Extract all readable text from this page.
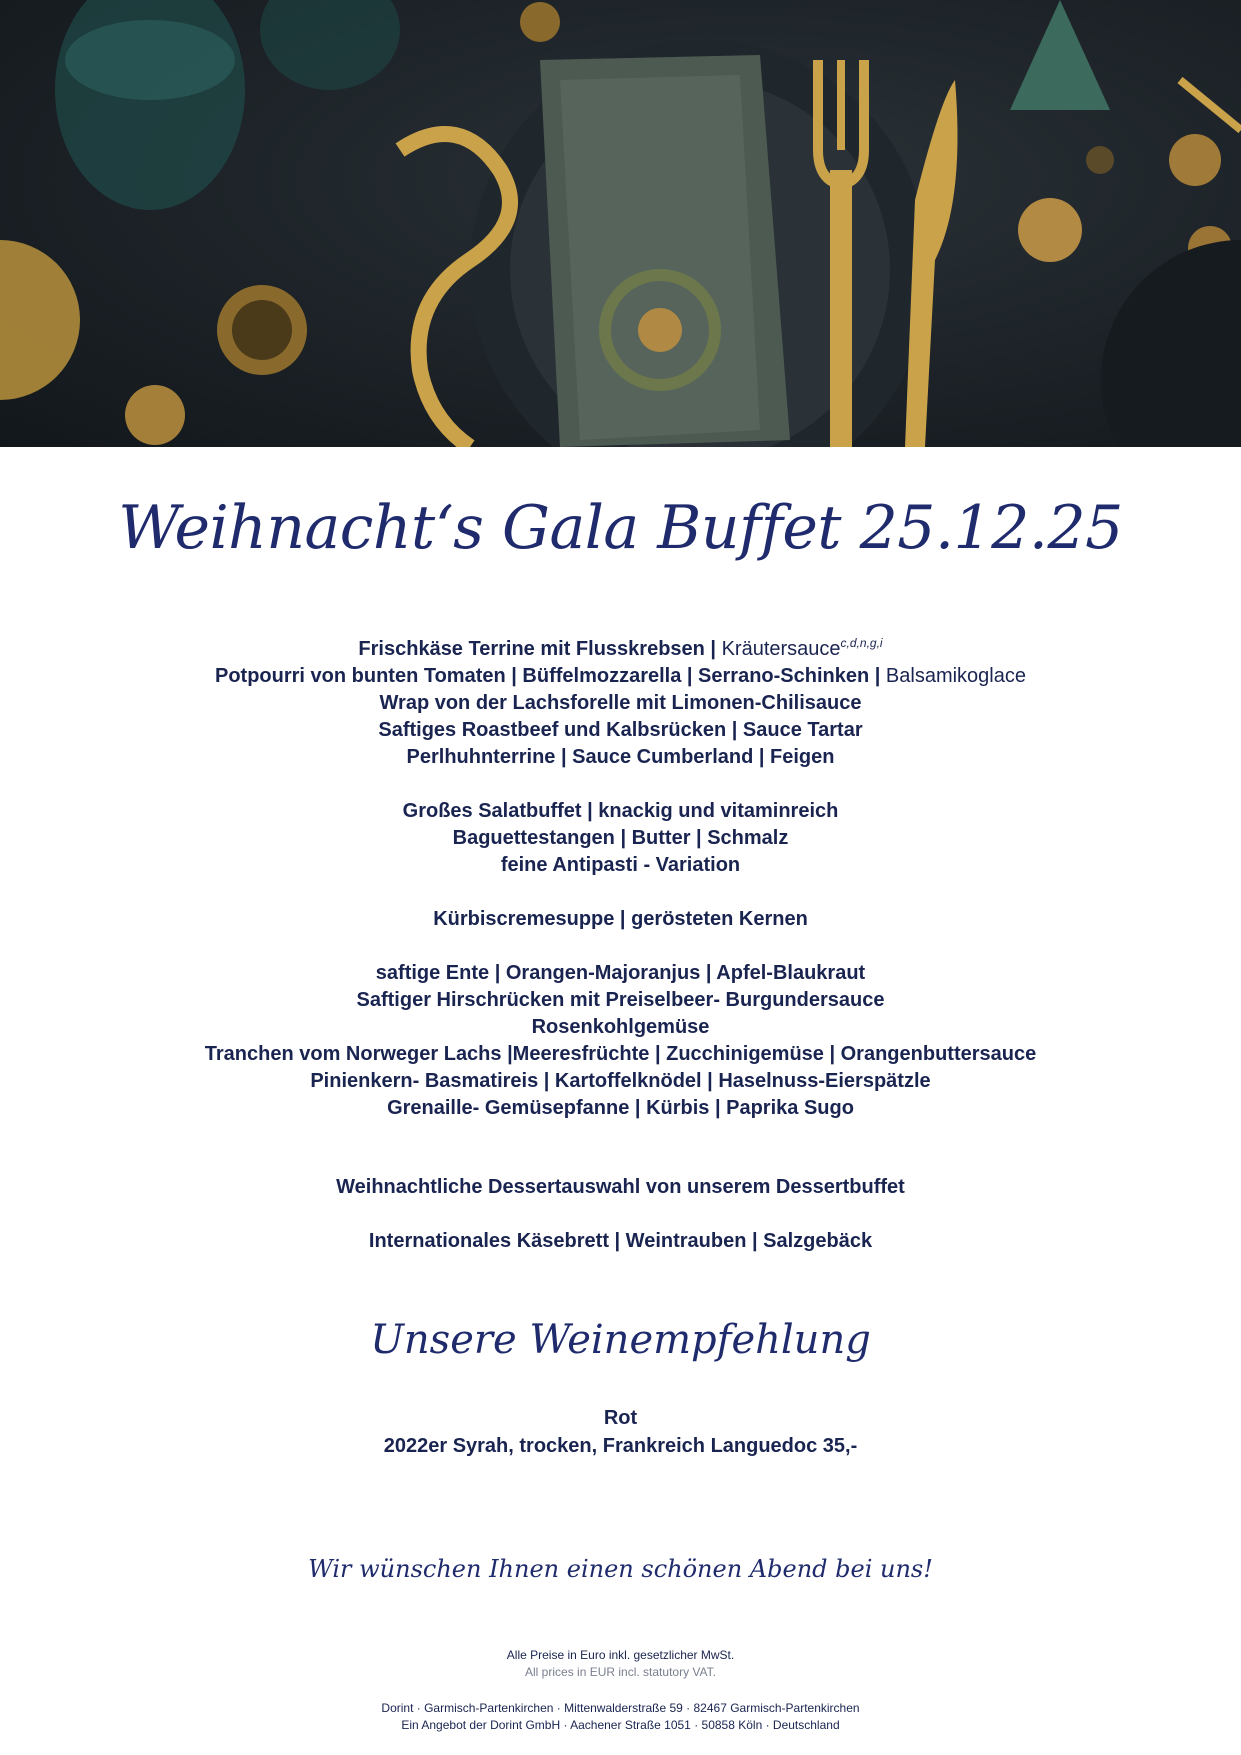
Weihnacht‘s Gala Buffet 25.12.25
Frischkäse Terrine mit Flusskrebsen | Kräutersauce$^{c,d,n,g,i}$
Potpourri von bunten Tomaten | Büffelmozzarella | Serrano-Schinken | Balsamikoglace
Wrap von der Lachsforelle mit Limonen-Chilisauce
Saftiges Roastbeef und Kalbsrücken | Sauce Tartar
Perlhuhnterrine | Sauce Cumberland | Feigen
Großes Salatbuffet | knackig und vitaminreich
Baguettestangen | Butter | Schmalz
feine Antipasti - Variation
Kürbiscremesuppe | gerösteten Kernen
saftige Ente | Orangen-Majoranjus | Apfel-Blaukraut
Saftiger Hirschrücken mit Preiselbeer- Burgundersauce
Rosenkohlgemüse
Tranchen vom Norweger Lachs |Meeresfrüchte | Zucchinigemüse | Orangenbuttersauce
Pinienkern- Basmatireis | Kartoffelknödel | Haselnuss-Eierspätzle
Grenaille- Gemüsepfanne | Kürbis | Paprika Sugo
Weihnachtliche Dessertauswahl von unserem Dessertbuffet
Internationales Käsebrett | Weintrauben | Salzgebäck
Unsere Weinempfehlung
Rot
2022er Syrah, trocken, Frankreich Languedoc 35,-
Wir wünschen Ihnen einen schönen Abend bei uns!
Alle Preise in Euro inkl. gesetzlicher MwSt.
All prices in EUR incl. statutory VAT.
Dorint · Garmisch-Partenkirchen · Mittenwalderstraße 59 · 82467 Garmisch-Partenkirchen
Ein Angebot der Dorint GmbH · Aachener Straße 1051 · 50858 Köln · Deutschland
